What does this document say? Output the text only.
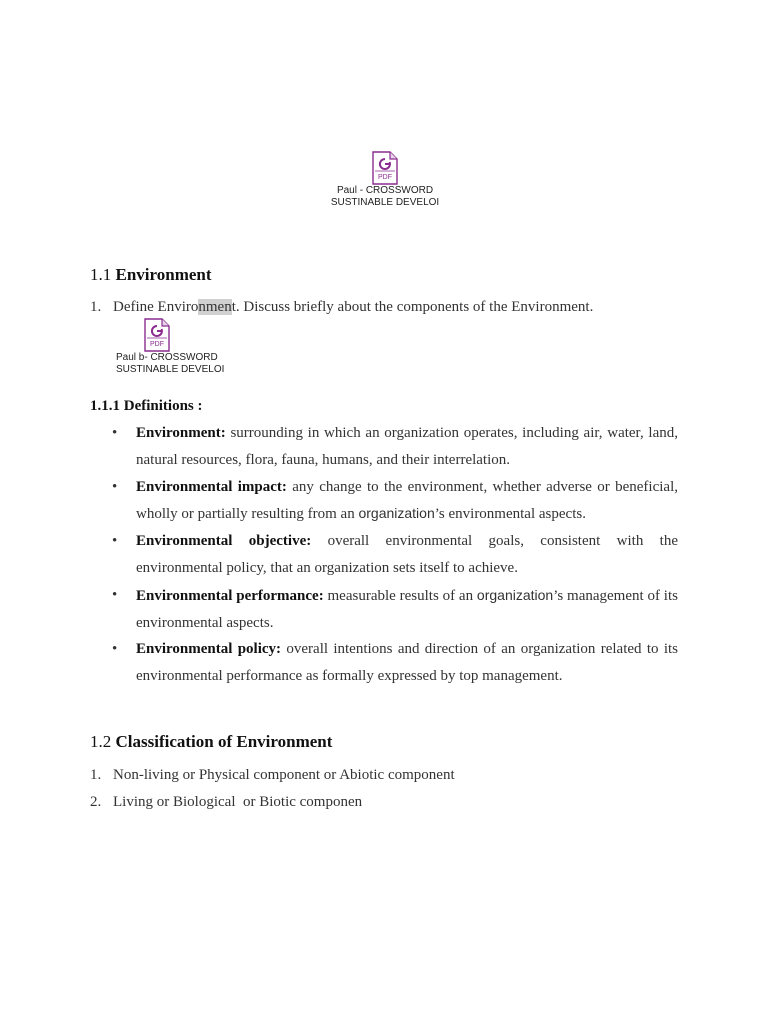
PDF
Paul - CROSSWORD
SUSTINABLE DEVELOI
1.1 Environment
1. Define Environment. Discuss briefly about the components of the Environment.
PDF
Paul b- CROSSWORD
SUSTINABLE DEVELOI
1.1.1 Definitions :
• Environment: surrounding in which an organization operates, including air, water, land, natural resources, flora, fauna, humans, and their interrelation.
• Environmental impact: any change to the environment, whether adverse or beneficial, wholly or partially resulting from an organization’s environmental aspects.
• Environmental objective: overall environmental goals, consistent with the environmental policy, that an organization sets itself to achieve.
• Environmental performance: measurable results of an organization’s management of its environmental aspects.
• Environmental policy: overall intentions and direction of an organization related to its environmental performance as formally expressed by top management.
1.2 Classification of Environment
1. Non-living or Physical component or Abiotic component
2. Living or Biological  or Biotic componen
